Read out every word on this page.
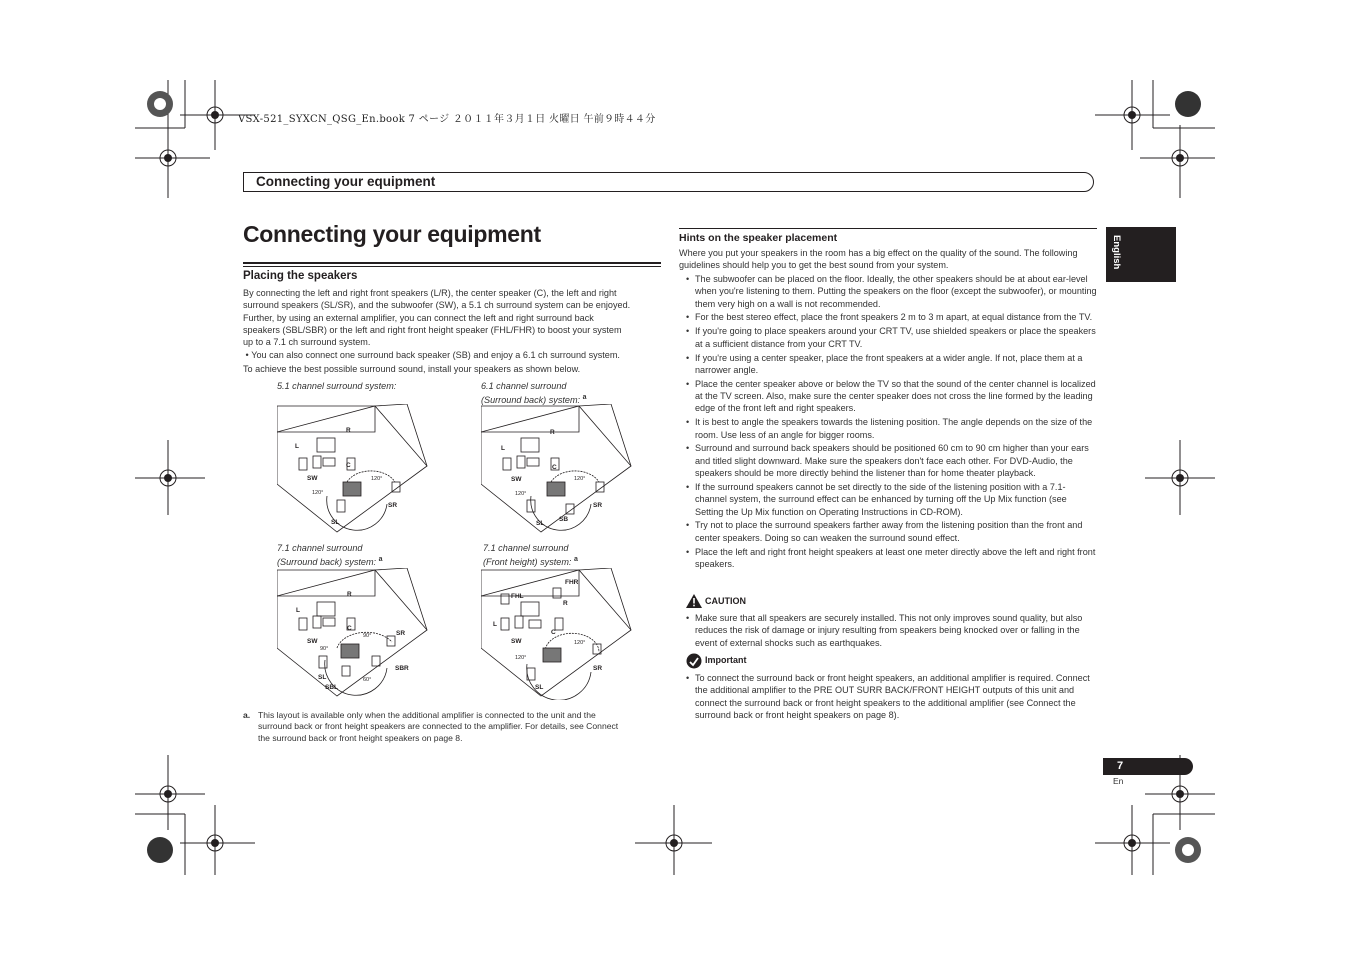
VSX-521_SYXCN_QSG_En.book 7 ページ ２０１１年３月１日 火曜日 午前９時４４分
Connecting your equipment
Connecting your equipment
Placing the speakers
By connecting the left and right front speakers (L/R), the center speaker (C), the left and right
surround speakers (SL/SR), and the subwoofer (SW), a 5.1 ch surround system can be enjoyed.
Further, by using an external amplifier, you can connect the left and right surround back
speakers (SBL/SBR) or the left and right front height speaker (FHL/FHR) to boost your system
up to a 7.1 ch surround system.
• You can also connect one surround back speaker (SB) and enjoy a 6.1 ch surround system.
To achieve the best possible surround sound, install your speakers as shown below.
5.1 channel surround system:	6.1 channel surround
(Surround back) system: $^a$
7.1 channel surround
(Surround back) system: $^a$
7.1 channel surround
(Front height) system: $^a$
L
R
C
SW
SL
SR
120°
120°
L
R
C
SW
SL
SB
SR
120°
120°
L
R
C
SW
SL
SBL
SBR
SR
90°
90°
60°
FHR
FHL
R
L
C
SW
SL
SR
120°
120°
a. This layout is available only when the additional amplifier is connected to the unit and the
surround back or front height speakers are connected to the amplifier. For details, see Connect
the surround back or front height speakers on page 8.
Hints on the speaker placement
Where you put your speakers in the room has a big effect on the quality of the sound. The following guidelines should help you to get the best sound from your system.
• The subwoofer can be placed on the floor. Ideally, the other speakers should be at about ear-level when you're listening to them. Putting the speakers on the floor (except the subwoofer), or mounting them very high on a wall is not recommended.
• For the best stereo effect, place the front speakers 2 m to 3 m apart, at equal distance from the TV.
• If you're going to place speakers around your CRT TV, use shielded speakers or place the speakers at a sufficient distance from your CRT TV.
• If you're using a center speaker, place the front speakers at a wider angle. If not, place them at a narrower angle.
• Place the center speaker above or below the TV so that the sound of the center channel is localized at the TV screen. Also, make sure the center speaker does not cross the line formed by the leading edge of the front left and right speakers.
• It is best to angle the speakers towards the listening position. The angle depends on the size of the room. Use less of an angle for bigger rooms.
• Surround and surround back speakers should be positioned 60 cm to 90 cm higher than your ears and titled slight downward. Make sure the speakers don't face each other. For DVD-Audio, the speakers should be more directly behind the listener than for home theater playback.
• If the surround speakers cannot be set directly to the side of the listening position with a 7.1-channel system, the surround effect can be enhanced by turning off the Up Mix function (see Setting the Up Mix function on Operating Instructions in CD-ROM).
• Try not to place the surround speakers farther away from the listening position than the front and center speakers. Doing so can weaken the surround sound effect.
• Place the left and right front height speakers at least one meter directly above the left and right front speakers.
CAUTION
• Make sure that all speakers are securely installed. This not only improves sound quality, but also reduces the risk of damage or injury resulting from speakers being knocked over or falling in the event of external shocks such as earthquakes.
Important
• To connect the surround back or front height speakers, an additional amplifier is required. Connect the additional amplifier to the PRE OUT SURR BACK/FRONT HEIGHT outputs of this unit and connect the surround back or front height speakers to the additional amplifier (see Connect the surround back or front height speakers on page 8).
English
7
En
